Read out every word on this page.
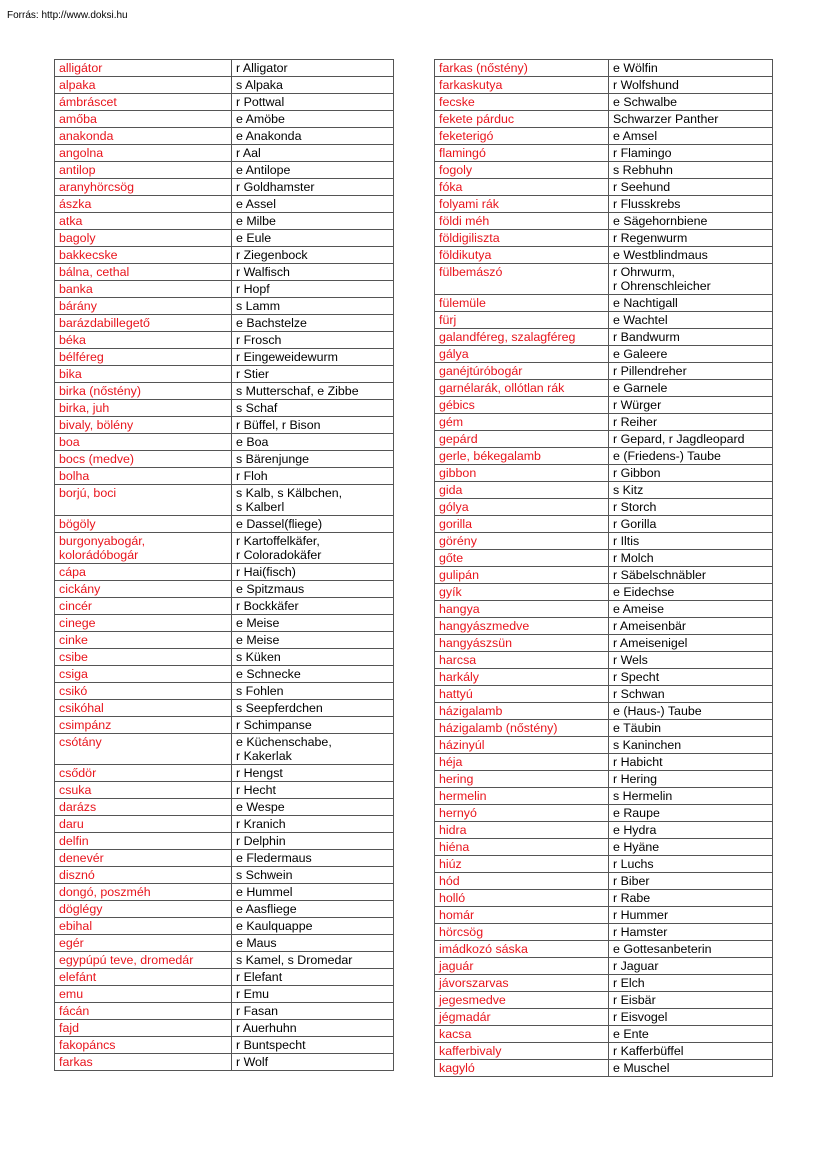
Forrás: http://www.doksi.hu
alligátor	r Alligator
alpaka	s Alpaka
ámbráscet	r Pottwal
amőba	e Amöbe
anakonda	e Anakonda
angolna	r Aal
antilop	e Antilope
aranyhörcsög	r Goldhamster
ászka	e Assel
atka	e Milbe
bagoly	e Eule
bakkecske	r Ziegenbock
bálna, cethal	r Walfisch
banka	r Hopf
bárány	s Lamm
barázdabillegető	e Bachstelze
béka	r Frosch
bélféreg	r Eingeweidewurm
bika	r Stier
birka (nőstény)	s Mutterschaf, e Zibbe
birka, juh	s Schaf
bivaly, bölény	r Büffel, r Bison
boa	e Boa
bocs (medve)	s Bärenjunge
bolha	r Floh
borjú, boci	s Kalb, s Kälbchen,
s Kalberl
bögöly	e Dassel(fliege)
burgonyabogár,
kolorádóbogár	r Kartoffelkäfer,
r Coloradokäfer
cápa	r Hai(fisch)
cickány	e Spitzmaus
cincér	r Bockkäfer
cinege	e Meise
cinke	e Meise
csibe	s Küken
csiga	e Schnecke
csikó	s Fohlen
csikóhal	s Seepferdchen
csimpánz	r Schimpanse
csótány	e Küchenschabe,
r Kakerlak
csődör	r Hengst
csuka	r Hecht
darázs	e Wespe
daru	r Kranich
delfin	r Delphin
denevér	e Fledermaus
disznó	s Schwein
dongó, poszméh	e Hummel
döglégy	e Aasfliege
ebihal	e Kaulquappe
egér	e Maus
egypúpú teve, dromedár	s Kamel, s Dromedar
elefánt	r Elefant
emu	r Emu
fácán	r Fasan
fajd	r Auerhuhn
fakopáncs	r Buntspecht
farkas	r Wolf
farkas (nőstény)	e Wölfin
farkaskutya	r Wolfshund
fecske	e Schwalbe
fekete párduc	Schwarzer Panther
feketerigó	e Amsel
flamingó	r Flamingo
fogoly	s Rebhuhn
fóka	r Seehund
folyami rák	r Flusskrebs
földi méh	e Sägehornbiene
földigiliszta	r Regenwurm
földikutya	e Westblindmaus
fülbemászó	r Ohrwurm,
r Ohrenschleicher
fülemüle	e Nachtigall
fürj	e Wachtel
galandféreg, szalagféreg	r Bandwurm
gálya	e Galeere
ganéjtúróbogár	r Pillendreher
garnélarák, ollótlan rák	e Garnele
gébics	r Würger
gém	r Reiher
gepárd	r Gepard, r Jagdleopard
gerle, békegalamb	e (Friedens-) Taube
gibbon	r Gibbon
gida	s Kitz
gólya	r Storch
gorilla	r Gorilla
görény	r Iltis
gőte	r Molch
gulipán	r Säbelschnäbler
gyík	e Eidechse
hangya	e Ameise
hangyászmedve	r Ameisenbär
hangyászsün	r Ameisenigel
harcsa	r Wels
harkály	r Specht
hattyú	r Schwan
házigalamb	e (Haus-) Taube
házigalamb (nőstény)	e Täubin
házinyúl	s Kaninchen
héja	r Habicht
hering	r Hering
hermelin	s Hermelin
hernyó	e Raupe
hidra	e Hydra
hiéna	e Hyäne
hiúz	r Luchs
hód	r Biber
holló	r Rabe
homár	r Hummer
hörcsög	r Hamster
imádkozó sáska	e Gottesanbeterin
jaguár	r Jaguar
jávorszarvas	r Elch
jegesmedve	r Eisbär
jégmadár	r Eisvogel
kacsa	e Ente
kafferbivaly	r Kafferbüffel
kagyló	e Muschel
